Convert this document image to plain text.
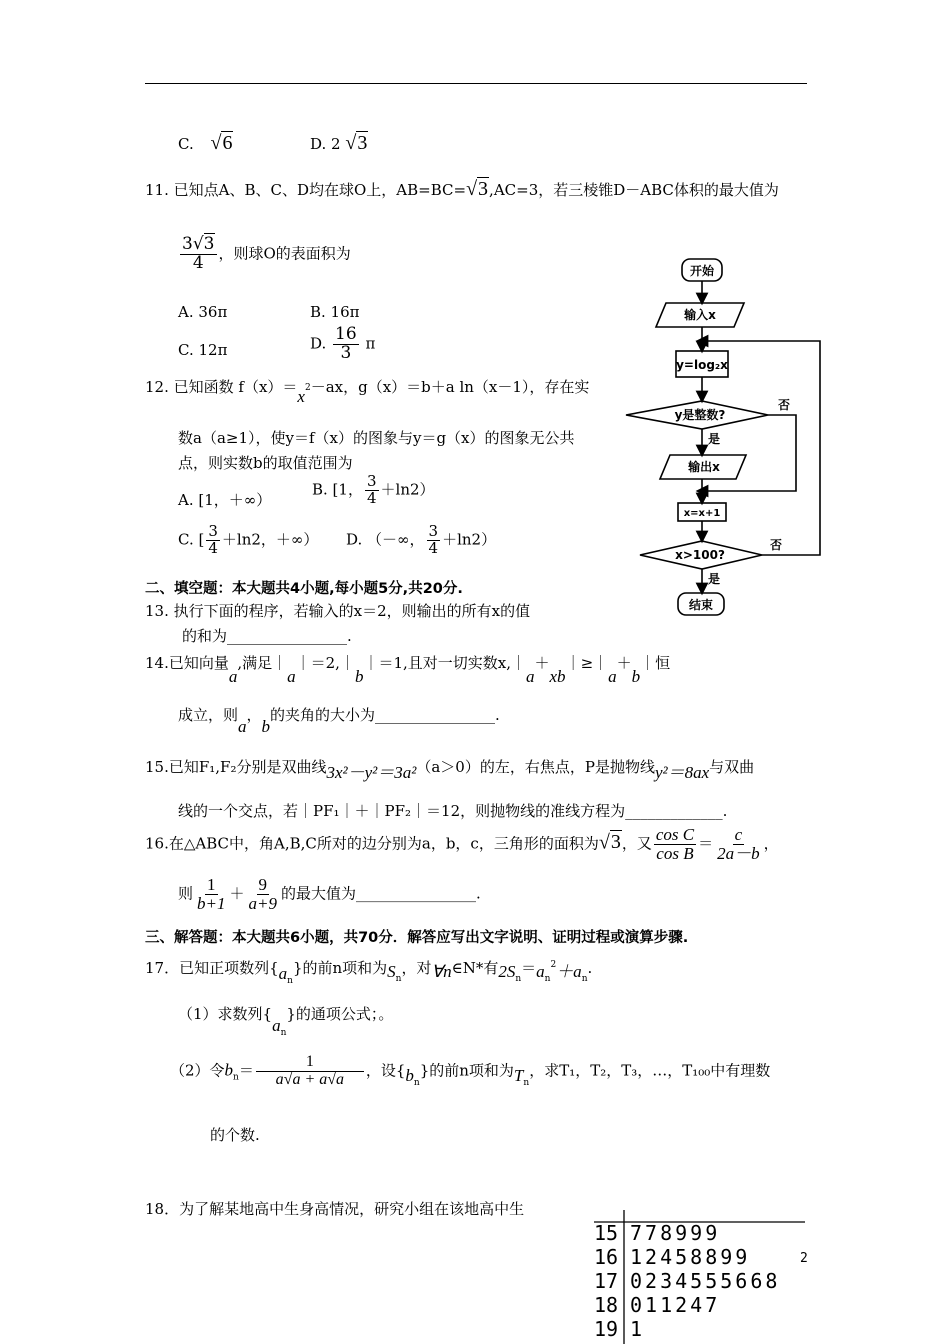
C. √6	D. 2 √3
11. 已知点A、B、C、D均在球O上，AB=BC=√3,AC=3，若三棱锥D－ABC体积的最大值为
$\frac{3√3}{4}$ ，则球O的表面积为
A. 36π	B. 16π
C. 12π	D. $\frac{16}{3}$ π
12. 已知函数 $f(x)=x^2-ax$，g（x）＝b＋a ln（x－1），存在实
数a（a≥1），使y＝f（x）的图象与y＝g（x）的图象无公共
点，则实数b的取值范围为
A. [1，＋∞）
B. [1， $\frac{3}{4} +\ln 2$）
C. [ $\frac{3}{4} +\ln 2$，＋∞） D. （－∞， $\frac{3}{4} +\ln 2$）
二、填空题：本大题共4小题,每小题5分,共20分.
13. 执行下面的程序，若输入的x＝2，则输出的所有x的值
的和为________________.
14.已知向量a,满足｜a｜＝2,｜b｜＝1,且对一切实数x,｜a＋xb｜≥｜a＋b｜恒
成立，则a，b的夹角的大小为________________.
15.已知F₁,F₂分别是双曲线3x²－y²＝3a²（a＞0）的左，右焦点，P是抛物线y²＝8ax与双曲
线的一个交点，若｜PF₁｜＋｜PF₂｜＝12，则抛物线的准线方程为_____________.
16.在△ABC中，角A,B,C所对的边分别为a，b，c，三角形的面积为√3，又 $\frac{\text{cos C}}{\text{cos B}} = \frac{c}{2a-b}$ ，
则 $\frac{1}{b+1} + \frac{9}{a+9}$ 的最大值为________________.
三、解答题：本大题共6小题，共70分．解答应写出文字说明、证明过程或演算步骤.
17．已知正项数列$\{a_n\}$的前n项和为$S_n$，对∀n∈N*有$2S_n=a_n^2+a_n$.
（1）求数列$\{a_n\}$的通项公式；。
（2）令$b_n= \frac{1}{a√a + a√a}$ ，设$\{b_n\}$的前n项和为$T_n$，求T₁，T₂，T₃，…，T₁₀₀中有理数
的个数.
18．为了解某地高中生身高情况，研究小组在该地高中生
开始
输入x
y=log₂x
y是整数?
是
否
输出x
x=x+1
x>100?
是
否
结束
15 778999
16 12458899	2
17 0234555668
18 011247
19 1
